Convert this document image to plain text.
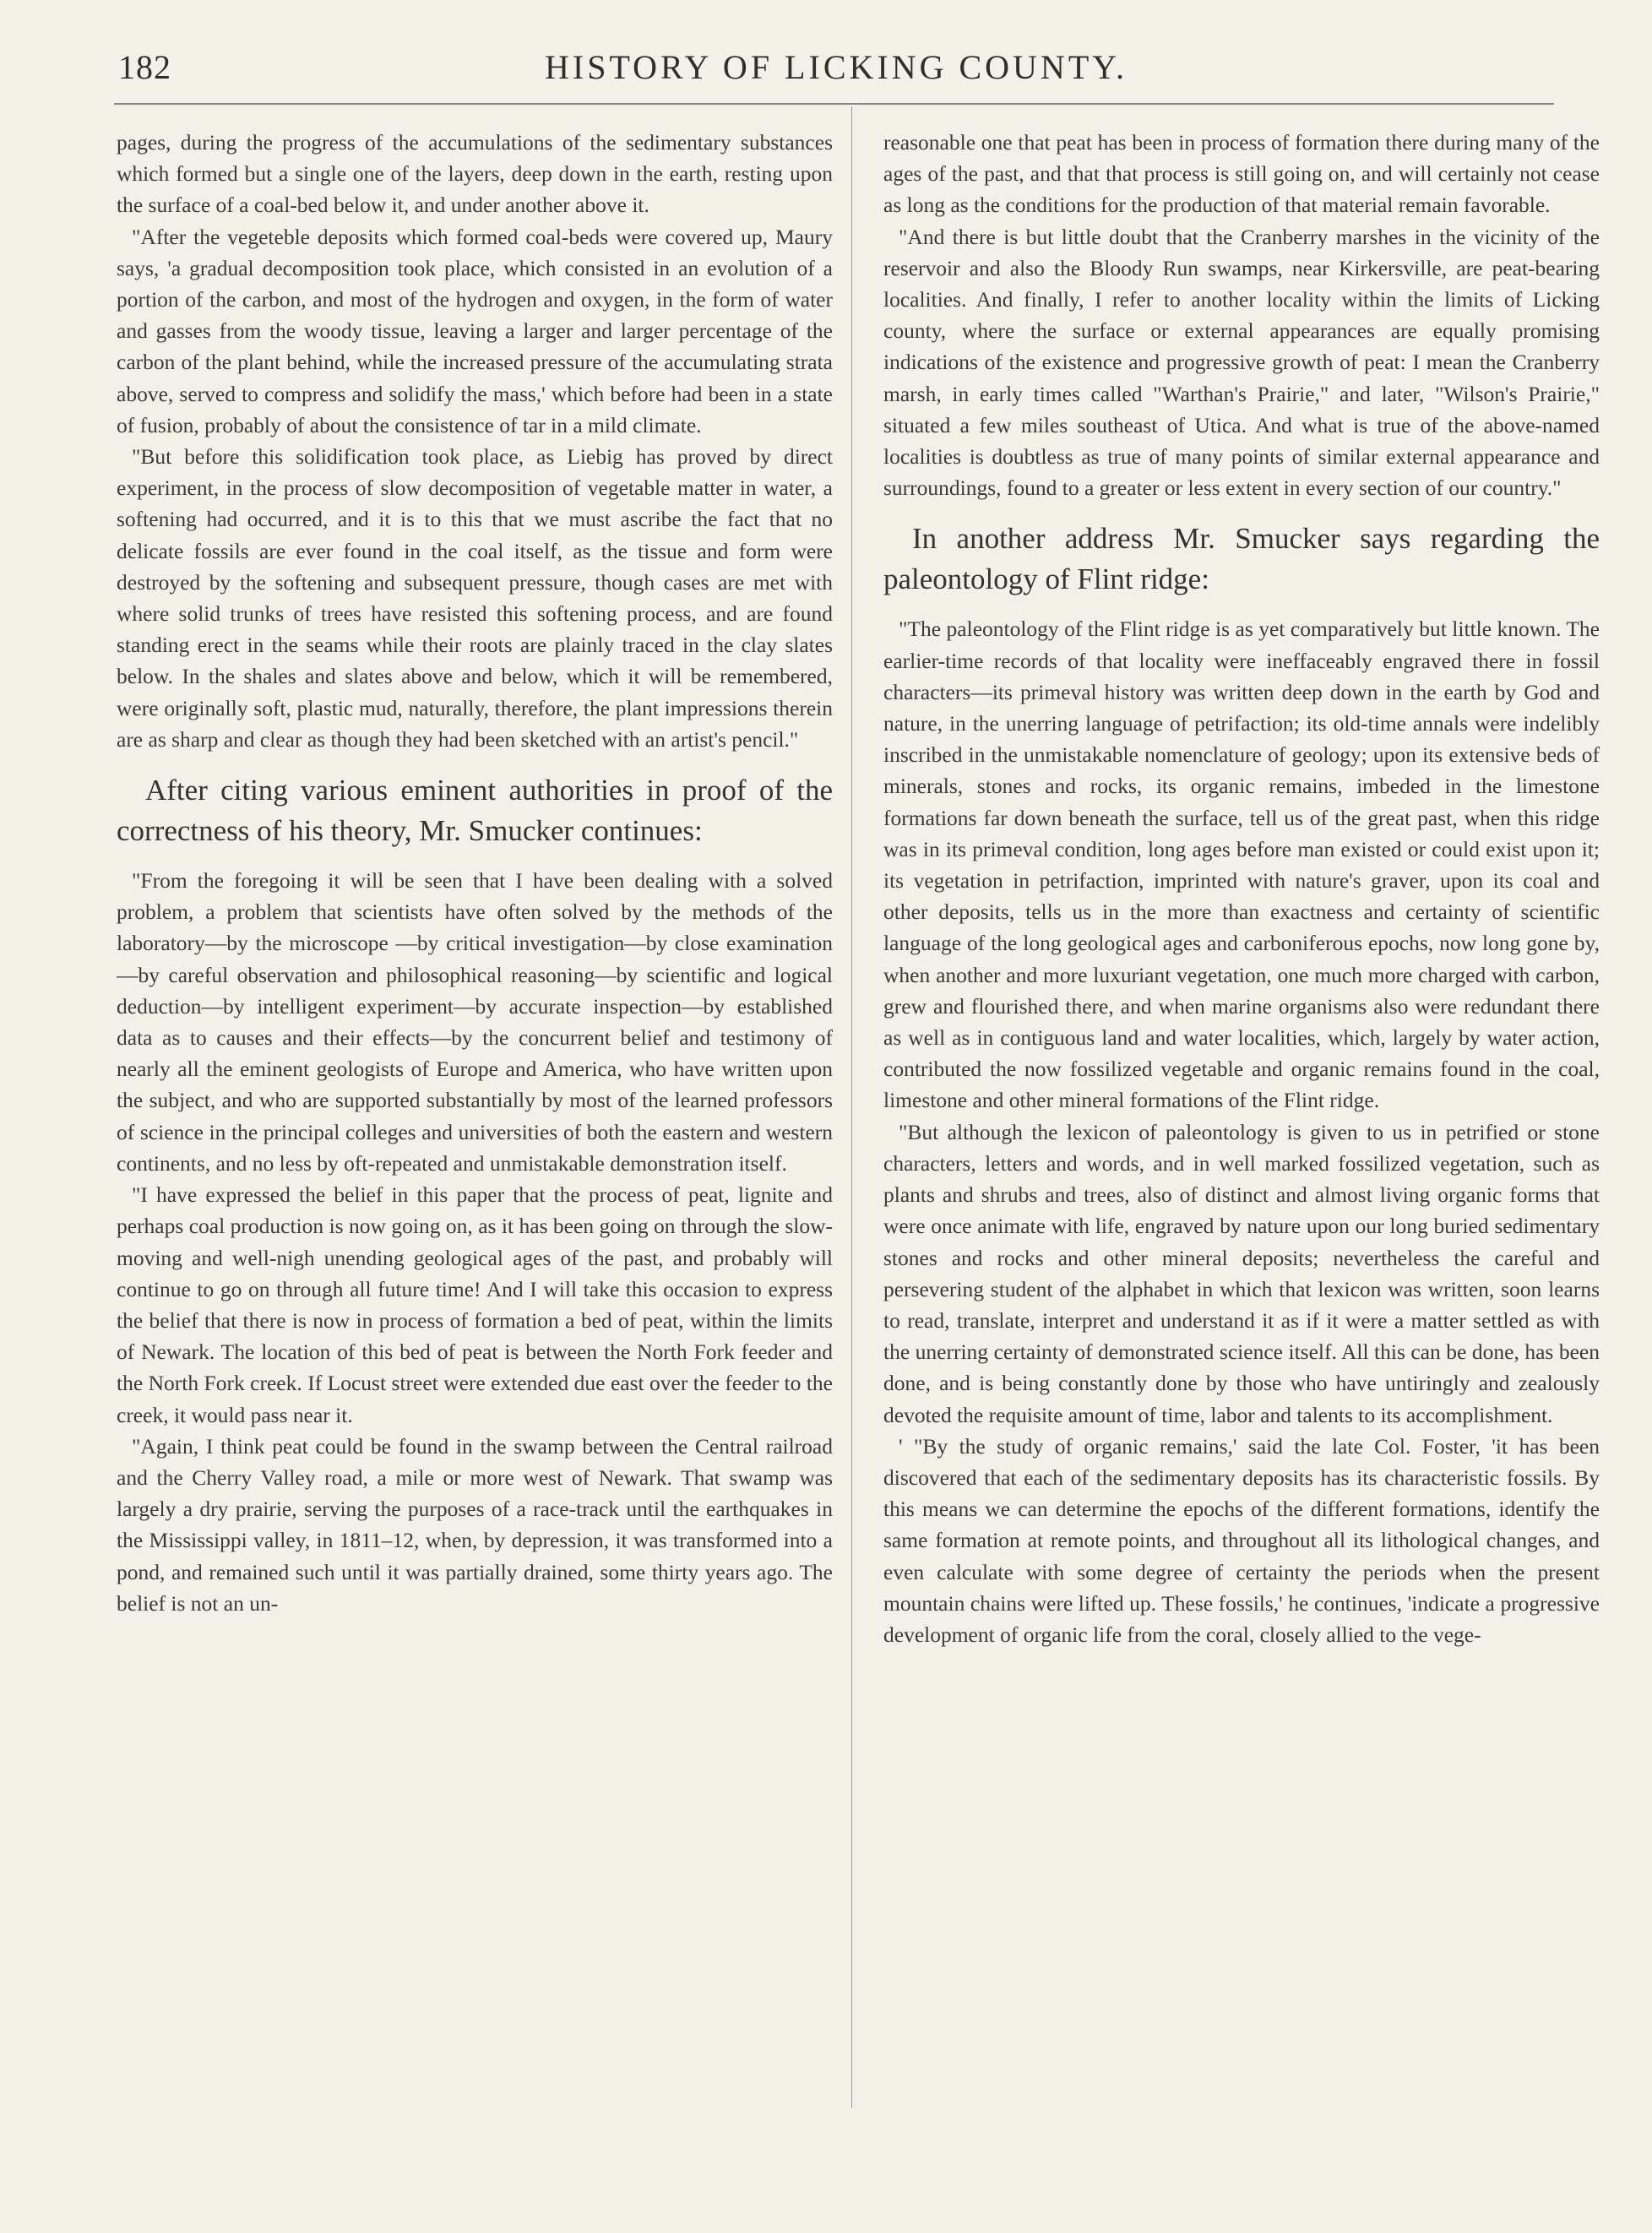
182	HISTORY OF LICKING COUNTY.

pages, during the progress of the accumulations of the sedimentary substances which formed but a single one of the layers, deep down in the earth, resting upon the surface of a coal-bed below it, and under another above it.

"After the vegeteble deposits which formed coal-beds were covered up, Maury says, 'a gradual decomposition took place, which consisted in an evolution of a portion of the carbon, and most of the hydrogen and oxygen, in the form of water and gasses from the woody tissue, leaving a larger and larger percentage of the carbon of the plant behind, while the increased pressure of the accumulating strata above, served to compress and solidify the mass,' which before had been in a state of fusion, probably of about the consistence of tar in a mild climate.

"But before this solidification took place, as Liebig has proved by direct experiment, in the process of slow decomposition of vegetable matter in water, a softening had occurred, and it is to this that we must ascribe the fact that no delicate fossils are ever found in the coal itself, as the tissue and form were destroyed by the softening and subsequent pressure, though cases are met with where solid trunks of trees have resisted this softening process, and are found standing erect in the seams while their roots are plainly traced in the clay slates below. In the shales and slates above and below, which it will be remembered, were originally soft, plastic mud, naturally, therefore, the plant impressions therein are as sharp and clear as though they had been sketched with an artist's pencil."

After citing various eminent authorities in proof of the correctness of his theory, Mr. Smucker continues:

"From the foregoing it will be seen that I have been dealing with a solved problem, a problem that scientists have often solved by the methods of the laboratory—by the microscope —by critical investigation—by close examination—by careful observation and philosophical reasoning—by scientific and logical deduction—by intelligent experiment—by accurate inspection—by established data as to causes and their effects—by the concurrent belief and testimony of nearly all the eminent geologists of Europe and America, who have written upon the subject, and who are supported substantially by most of the learned professors of science in the principal colleges and universities of both the eastern and western continents, and no less by oft-repeated and unmistakable demonstration itself.

"I have expressed the belief in this paper that the process of peat, lignite and perhaps coal production is now going on, as it has been going on through the slow-moving and well-nigh unending geological ages of the past, and probably will continue to go on through all future time! And I will take this occasion to express the belief that there is now in process of formation a bed of peat, within the limits of Newark. The location of this bed of peat is between the North Fork feeder and the North Fork creek. If Locust street were extended due east over the feeder to the creek, it would pass near it.

"Again, I think peat could be found in the swamp between the Central railroad and the Cherry Valley road, a mile or more west of Newark. That swamp was largely a dry prairie, serving the purposes of a race-track until the earthquakes in the Mississippi valley, in 1811–12, when, by depression, it was transformed into a pond, and remained such until it was partially drained, some thirty years ago. The belief is not an un-

reasonable one that peat has been in process of formation there during many of the ages of the past, and that that process is still going on, and will certainly not cease as long as the conditions for the production of that material remain favorable.

"And there is but little doubt that the Cranberry marshes in the vicinity of the reservoir and also the Bloody Run swamps, near Kirkersville, are peat-bearing localities. And finally, I refer to another locality within the limits of Licking county, where the surface or external appearances are equally promising indications of the existence and progressive growth of peat: I mean the Cranberry marsh, in early times called "Warthan's Prairie," and later, "Wilson's Prairie," situated a few miles southeast of Utica. And what is true of the above-named localities is doubtless as true of many points of similar external appearance and surroundings, found to a greater or less extent in every section of our country."

In another address Mr. Smucker says regarding the paleontology of Flint ridge:

"The paleontology of the Flint ridge is as yet comparatively but little known. The earlier-time records of that locality were ineffaceably engraved there in fossil characters—its primeval history was written deep down in the earth by God and nature, in the unerring language of petrifaction; its old-time annals were indelibly inscribed in the unmistakable nomenclature of geology; upon its extensive beds of minerals, stones and rocks, its organic remains, imbeded in the limestone formations far down beneath the surface, tell us of the great past, when this ridge was in its primeval condition, long ages before man existed or could exist upon it; its vegetation in petrifaction, imprinted with nature's graver, upon its coal and other deposits, tells us in the more than exactness and certainty of scientific language of the long geological ages and carboniferous epochs, now long gone by, when another and more luxuriant vegetation, one much more charged with carbon, grew and flourished there, and when marine organisms also were redundant there as well as in contiguous land and water localities, which, largely by water action, contributed the now fossilized vegetable and organic remains found in the coal, limestone and other mineral formations of the Flint ridge.

"But although the lexicon of paleontology is given to us in petrified or stone characters, letters and words, and in well marked fossilized vegetation, such as plants and shrubs and trees, also of distinct and almost living organic forms that were once animate with life, engraved by nature upon our long buried sedimentary stones and rocks and other mineral deposits; nevertheless the careful and persevering student of the alphabet in which that lexicon was written, soon learns to read, translate, interpret and understand it as if it were a matter settled as with the unerring certainty of demonstrated science itself. All this can be done, has been done, and is being constantly done by those who have untiringly and zealously devoted the requisite amount of time, labor and talents to its accomplishment.

' "By the study of organic remains,' said the late Col. Foster, 'it has been discovered that each of the sedimentary deposits has its characteristic fossils. By this means we can determine the epochs of the different formations, identify the same formation at remote points, and throughout all its lithological changes, and even calculate with some degree of certainty the periods when the present mountain chains were lifted up. These fossils,' he continues, 'indicate a progressive development of organic life from the coral, closely allied to the vege-
